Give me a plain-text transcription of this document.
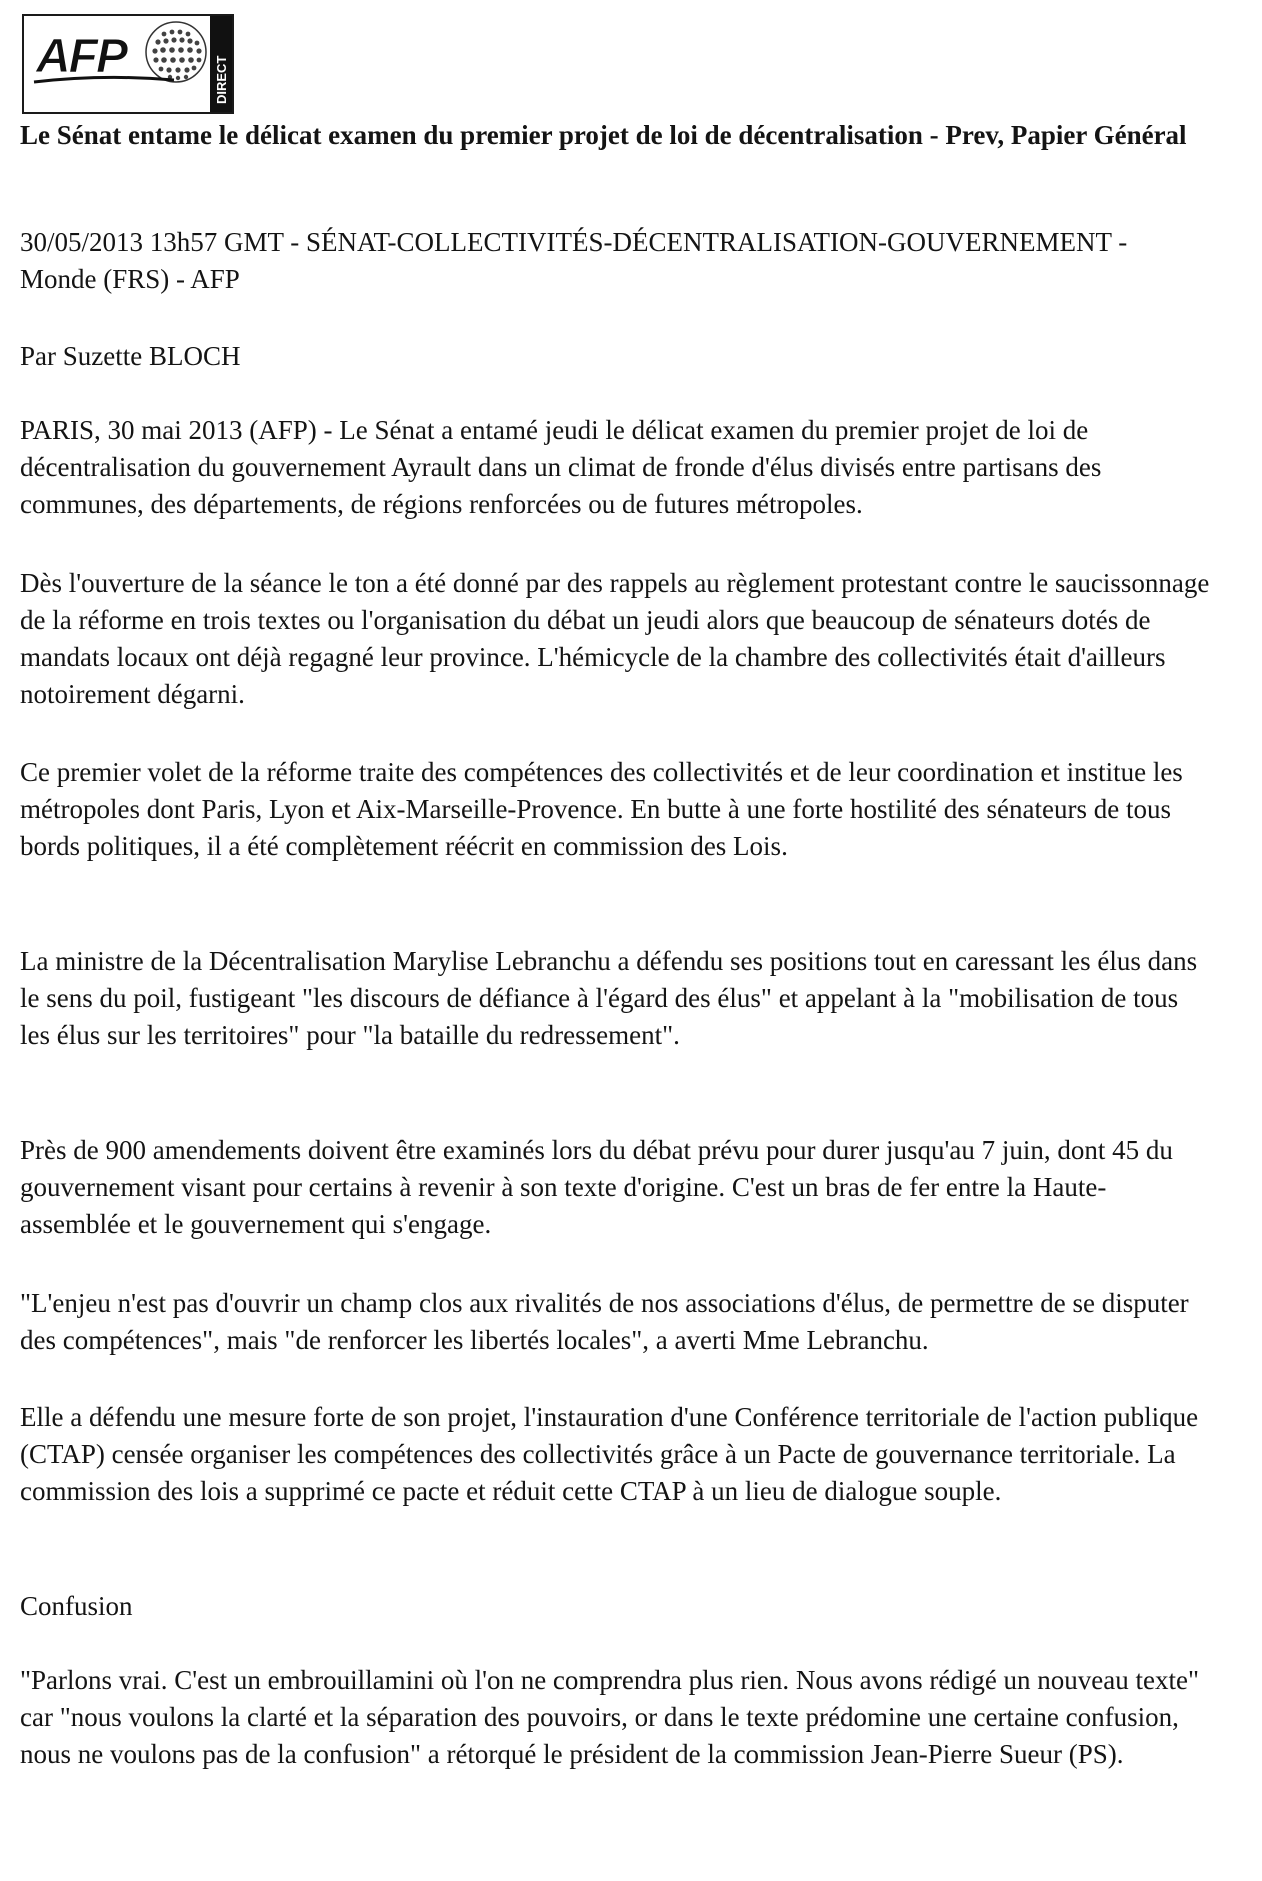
AFP	DIRECT
Le Sénat entame le délicat examen du premier projet de loi de décentralisation - Prev, Papier Général

30/05/2013 13h57 GMT - SÉNAT-COLLECTIVITÉS-DÉCENTRALISATION-GOUVERNEMENT - Monde (FRS) - AFP

Par Suzette BLOCH

PARIS, 30 mai 2013 (AFP) - Le Sénat a entamé jeudi le délicat examen du premier projet de loi de décentralisation du gouvernement Ayrault dans un climat de fronde d'élus divisés entre partisans des communes, des départements, de régions renforcées ou de futures métropoles.

Dès l'ouverture de la séance le ton a été donné par des rappels au règlement protestant contre le saucissonnage de la réforme en trois textes ou l'organisation du débat un jeudi alors que beaucoup de sénateurs dotés de mandats locaux ont déjà regagné leur province. L'hémicycle de la chambre des collectivités était d'ailleurs notoirement dégarni.

Ce premier volet de la réforme traite des compétences des collectivités et de leur coordination et institue les métropoles dont Paris, Lyon et Aix-Marseille-Provence. En butte à une forte hostilité des sénateurs de tous bords politiques, il a été complètement réécrit en commission des Lois.

La ministre de la Décentralisation Marylise Lebranchu a défendu ses positions tout en caressant les élus dans le sens du poil, fustigeant "les discours de défiance à l'égard des élus" et appelant à la "mobilisation de tous les élus sur les territoires" pour "la bataille du redressement".

Près de 900 amendements doivent être examinés lors du débat prévu pour durer jusqu'au 7 juin, dont 45 du gouvernement visant pour certains à revenir à son texte d'origine. C'est un bras de fer entre la Haute-assemblée et le gouvernement qui s'engage.

"L'enjeu n'est pas d'ouvrir un champ clos aux rivalités de nos associations d'élus, de permettre de se disputer des compétences", mais "de renforcer les libertés locales", a averti Mme Lebranchu.

Elle a défendu une mesure forte de son projet, l'instauration d'une Conférence territoriale de l'action publique (CTAP) censée organiser les compétences des collectivités grâce à un Pacte de gouvernance territoriale. La commission des lois a supprimé ce pacte et réduit cette CTAP à un lieu de dialogue souple.

Confusion

"Parlons vrai. C'est un embrouillamini où l'on ne comprendra plus rien. Nous avons rédigé un nouveau texte" car "nous voulons la clarté et la séparation des pouvoirs, or dans le texte prédomine une certaine confusion, nous ne voulons pas de la confusion" a rétorqué le président de la commission Jean-Pierre Sueur (PS).
